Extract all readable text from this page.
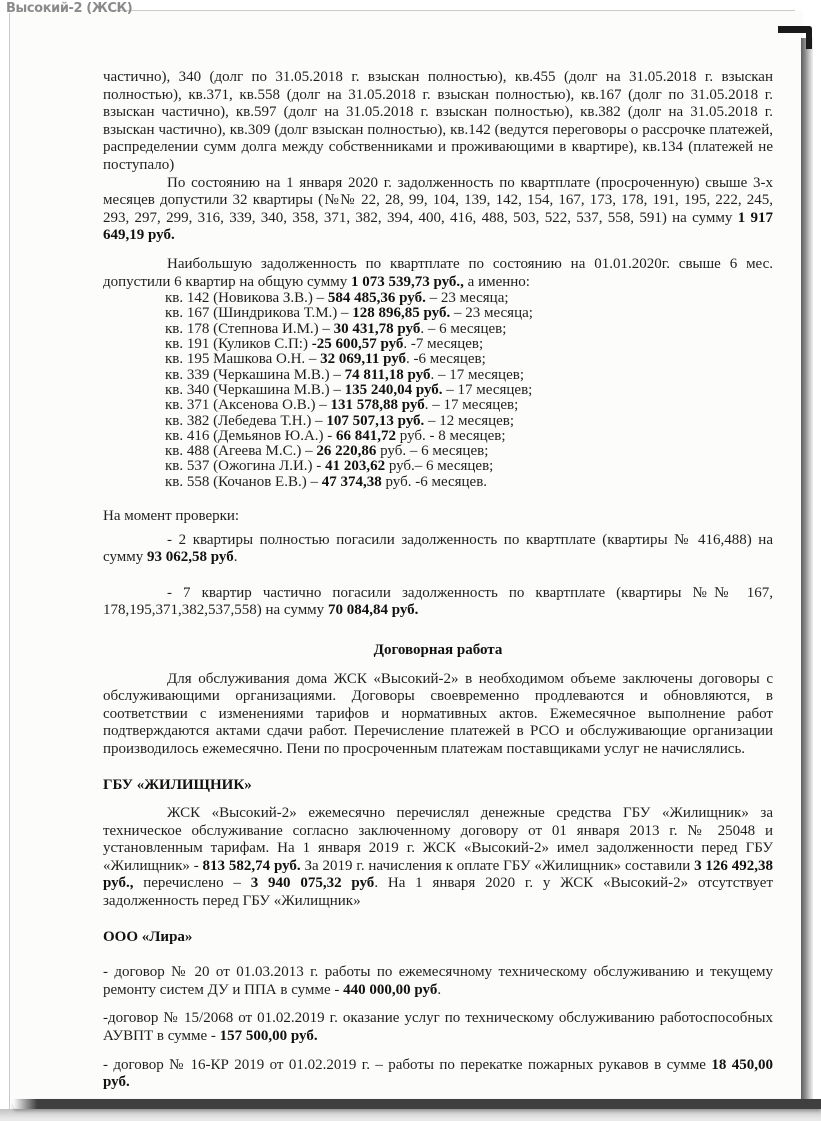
Высокий-2 (ЖСК)
частично), 340 (долг по 31.05.2018 г. взыскан полностью), кв.455 (долг на 31.05.2018 г. взыскан полностью), кв.371, кв.558 (долг на 31.05.2018 г. взыскан полностью), кв.167 (долг по 31.05.2018 г. взыскан частично), кв.597 (долг на 31.05.2018 г. взыскан полностью), кв.382 (долг на 31.05.2018 г. взыскан частично), кв.309 (долг взыскан полностью), кв.142 (ведутся переговоры о рассрочке платежей, распределении сумм долга между собственниками и проживающими в квартире), кв.134 (платежей не поступало)
По состоянию на 1 января 2020 г. задолженность по квартплате (просроченную) свыше 3-х месяцев допустили 32 квартиры (№№ 22, 28, 99, 104, 139, 142, 154, 167, 173, 178, 191, 195, 222, 245, 293, 297, 299, 316, 339, 340, 358, 371, 382, 394, 400, 416, 488, 503, 522, 537, 558, 591) на сумму 1 917 649,19 руб.
Наибольшую задолженность по квартплате по состоянию на 01.01.2020г. свыше 6 мес. допустили 6 квартир на общую сумму 1 073 539,73 руб., а именно:
кв. 142 (Новикова З.В.) – 584 485,36 руб. – 23 месяца;
кв. 167 (Шиндрикова Т.М.) – 128 896,85 руб. – 23 месяца;
кв. 178 (Степнова И.М.) – 30 431,78 руб. – 6 месяцев;
кв. 191 (Куликов С.П:) -25 600,57 руб. -7 месяцев;
кв. 195 Машкова О.Н. – 32 069,11 руб. -6 месяцев;
кв. 339 (Черкашина М.В.) – 74 811,18 руб. – 17 месяцев;
кв. 340 (Черкашина М.В.) – 135 240,04 руб. – 17 месяцев;
кв. 371 (Аксенова О.В.) – 131 578,88 руб. – 17 месяцев;
кв. 382 (Лебедева Т.Н.) – 107 507,13 руб. – 12 месяцев;
кв. 416 (Демьянов Ю.А.) - 66 841,72 руб. - 8 месяцев;
кв. 488 (Агеева М.С.) – 26 220,86 руб. – 6 месяцев;
кв. 537 (Ожогина Л.И.) - 41 203,62 руб.– 6 месяцев;
кв. 558 (Кочанов Е.В.) – 47 374,38 руб. -6 месяцев.
На момент проверки:
- 2 квартиры полностью погасили задолженность по квартплате (квартиры № 416,488) на сумму 93 062,58 руб.
- 7 квартир частично погасили задолженность по квартплате (квартиры №№ 167, 178,195,371,382,537,558) на сумму 70 084,84 руб.
Договорная работа
Для обслуживания дома ЖСК «Высокий-2» в необходимом объеме заключены договоры с обслуживающими организациями. Договоры своевременно продлеваются и обновляются, в соответствии с изменениями тарифов и нормативных актов. Ежемесячное выполнение работ подтверждаются актами сдачи работ. Перечисление платежей в РСО и обслуживающие организации производилось ежемесячно. Пени по просроченным платежам поставщиками услуг не начислялись.
ГБУ «ЖИЛИЩНИК»
ЖСК «Высокий-2» ежемесячно перечислял денежные средства ГБУ «Жилищник» за техническое обслуживание согласно заключенному договору от 01 января 2013 г. № 25048 и установленным тарифам. На 1 января 2019 г. ЖСК «Высокий-2» имел задолженности перед ГБУ «Жилищник» - 813 582,74 руб. За 2019 г. начисления к оплате ГБУ «Жилищник» составили 3 126 492,38 руб., перечислено – 3 940 075,32 руб. На 1 января 2020 г. у ЖСК «Высокий-2» отсутствует задолженность перед ГБУ «Жилищник»
ООО «Лира»
- договор № 20 от 01.03.2013 г. работы по ежемесячному техническому обслуживанию и текущему ремонту систем ДУ и ППА в сумме - 440 000,00 руб.
-договор № 15/2068 от 01.02.2019 г. оказание услуг по техническому обслуживанию работоспособных АУВПТ в сумме - 157 500,00 руб.
- договор № 16-КР 2019 от 01.02.2019 г. – работы по перекатке пожарных рукавов в сумме 18 450,00 руб.
